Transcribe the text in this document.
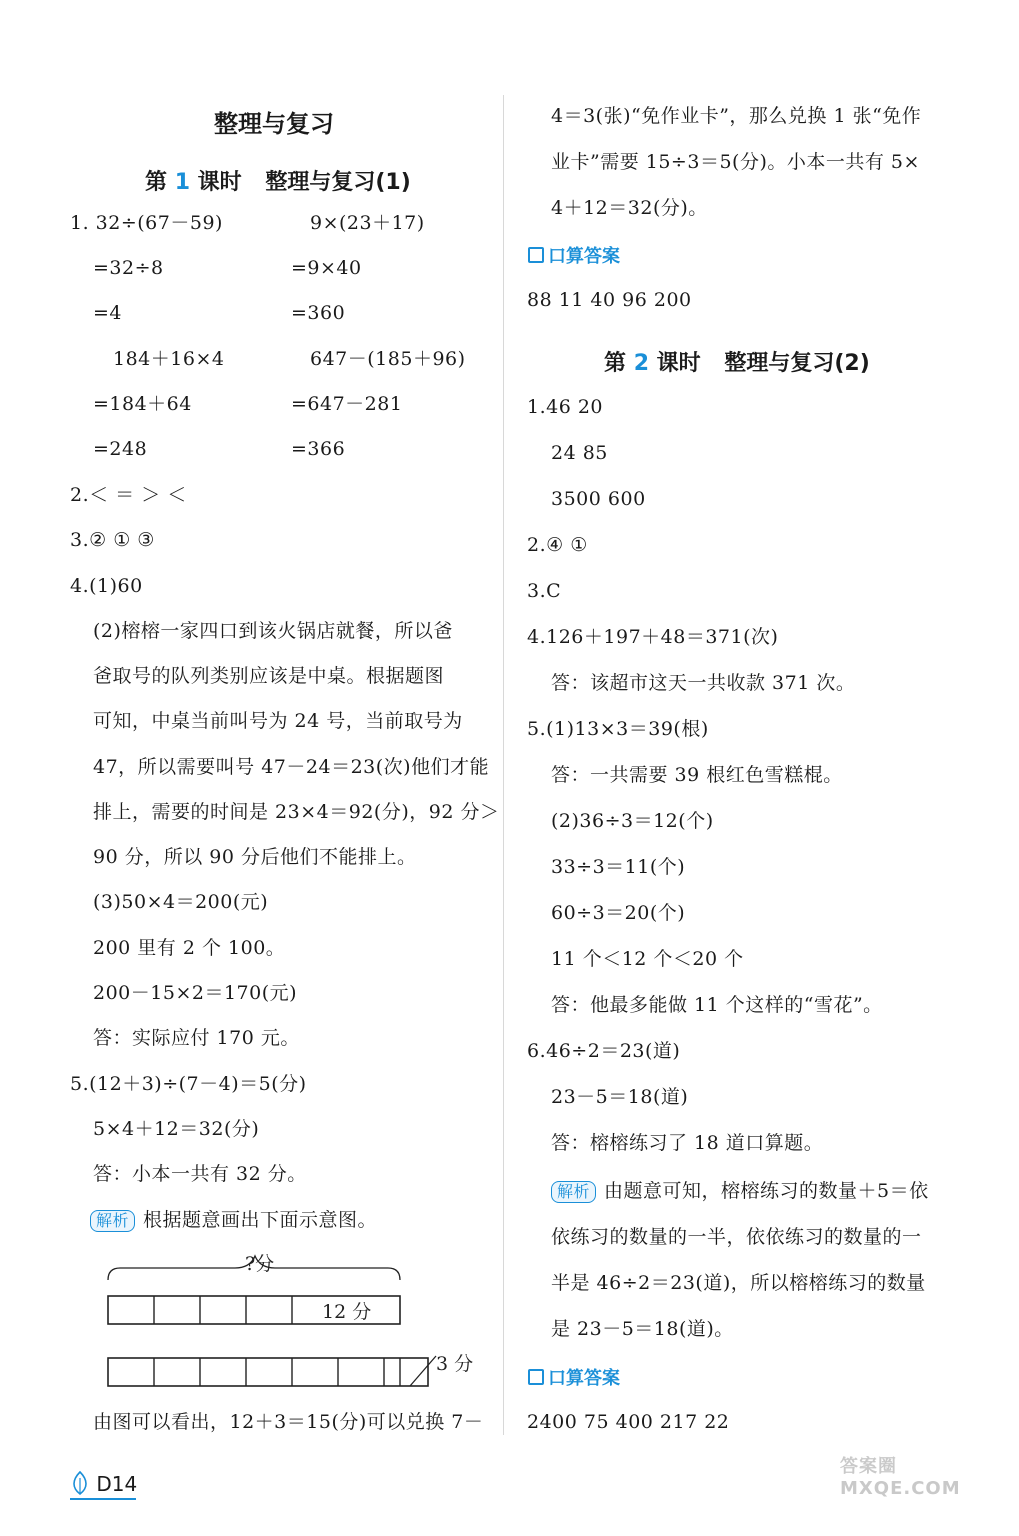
整理与复习
第 1 课时 整理与复习(1)
1. 32÷(67－59)
=32÷8
=4
184＋16×4
=184＋64
=248
9×(23＋17)
=9×40
=360
647－(185＋96)
=647－281
=366
2.＜ ＝ ＞ ＜
3.② ① ③
4.(1)60
(2)榕榕一家四口到该火锅店就餐，所以爸
爸取号的队列类别应该是中桌。根据题图
可知，中桌当前叫号为 24 号，当前取号为
47，所以需要叫号 47－24＝23(次)他们才能
排上，需要的时间是 23×4＝92(分)，92 分＞
90 分，所以 90 分后他们不能排上。
(3)50×4＝200(元)
200 里有 2 个 100。
200－15×2＝170(元)
答：实际应付 170 元。
5.(12＋3)÷(7－4)＝5(分)
5×4＋12＝32(分)
答：小本一共有 32 分。
解析 根据题意画出下面示意图。
?分
12 分
3 分
由图可以看出，12＋3＝15(分)可以兑换 7－
4＝3(张)“免作业卡”，那么兑换 1 张“免作
业卡”需要 15÷3＝5(分)。小本一共有 5×
4＋12＝32(分)。
口算答案
88 11 40 96 200
第 2 课时 整理与复习(2)
1.46 20
24 85
3500 600
2.④ ①
3.C
4.126＋197＋48＝371(次)
答：该超市这天一共收款 371 次。
5.(1)13×3＝39(根)
答：一共需要 39 根红色雪糕棍。
(2)36÷3＝12(个)
33÷3＝11(个)
60÷3＝20(个)
11 个＜12 个＜20 个
答：他最多能做 11 个这样的“雪花”。
6.46÷2＝23(道)
23－5＝18(道)
答：榕榕练习了 18 道口算题。
解析 由题意可知，榕榕练习的数量＋5＝依
依练习的数量的一半，依依练习的数量的一
半是 46÷2＝23(道)，所以榕榕练习的数量
是 23－5＝18(道)。
口算答案
2400 75 400 217 22
D14
答案圈 MXQE.COM
